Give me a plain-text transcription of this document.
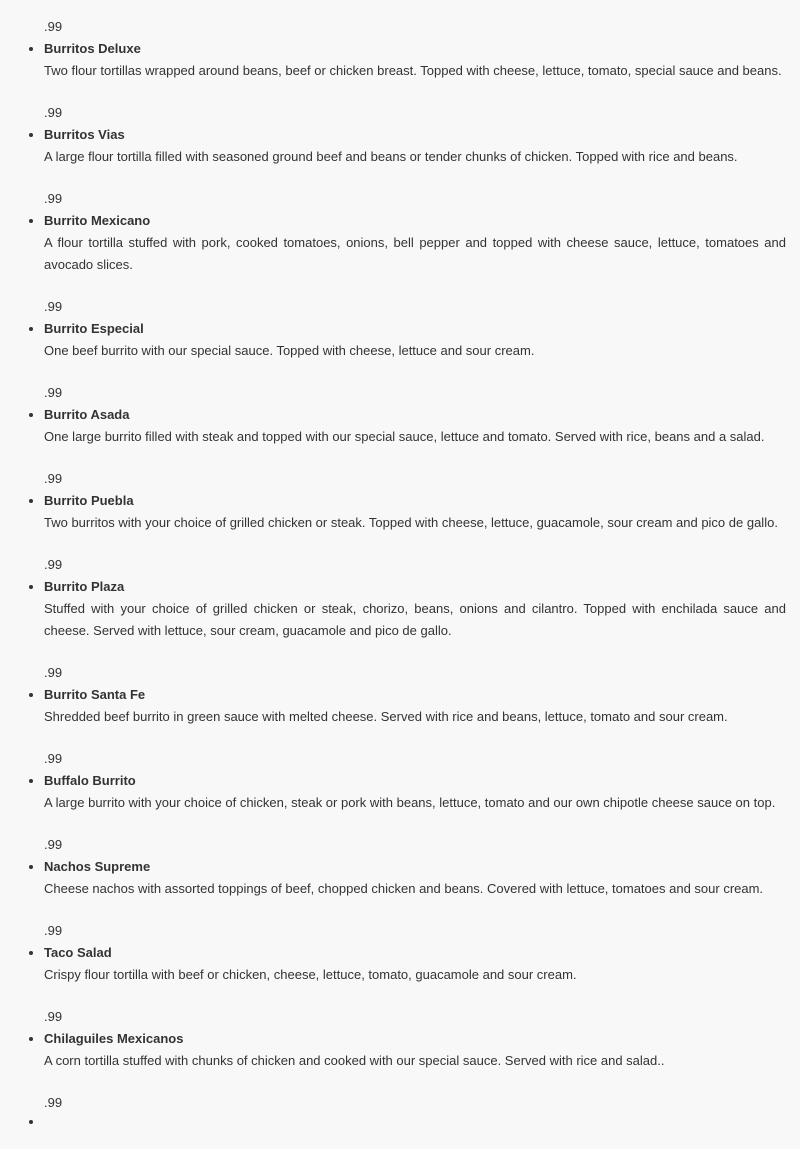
.99
• Burritos Deluxe
Two flour tortillas wrapped around beans, beef or chicken breast. Topped with cheese, lettuce, tomato, special sauce and beans.
.99
• Burritos Vias
A large flour tortilla filled with seasoned ground beef and beans or tender chunks of chicken. Topped with rice and beans.
.99
• Burrito Mexicano
A flour tortilla stuffed with pork, cooked tomatoes, onions, bell pepper and topped with cheese sauce, lettuce, tomatoes and avocado slices.
.99
• Burrito Especial
One beef burrito with our special sauce. Topped with cheese, lettuce and sour cream.
.99
• Burrito Asada
One large burrito filled with steak and topped with our special sauce, lettuce and tomato. Served with rice, beans and a salad.
.99
• Burrito Puebla
Two burritos with your choice of grilled chicken or steak. Topped with cheese, lettuce, guacamole, sour cream and pico de gallo.
.99
• Burrito Plaza
Stuffed with your choice of grilled chicken or steak, chorizo, beans, onions and cilantro. Topped with enchilada sauce and cheese. Served with lettuce, sour cream, guacamole and pico de gallo.
.99
• Burrito Santa Fe
Shredded beef burrito in green sauce with melted cheese. Served with rice and beans, lettuce, tomato and sour cream.
.99
• Buffalo Burrito
A large burrito with your choice of chicken, steak or pork with beans, lettuce, tomato and our own chipotle cheese sauce on top.
.99
• Nachos Supreme
Cheese nachos with assorted toppings of beef, chopped chicken and beans. Covered with lettuce, tomatoes and sour cream.
.99
• Taco Salad
Crispy flour tortilla with beef or chicken, cheese, lettuce, tomato, guacamole and sour cream.
.99
• Chilaguiles Mexicanos
A corn tortilla stuffed with chunks of chicken and cooked with our special sauce. Served with rice and salad..
.99
•
